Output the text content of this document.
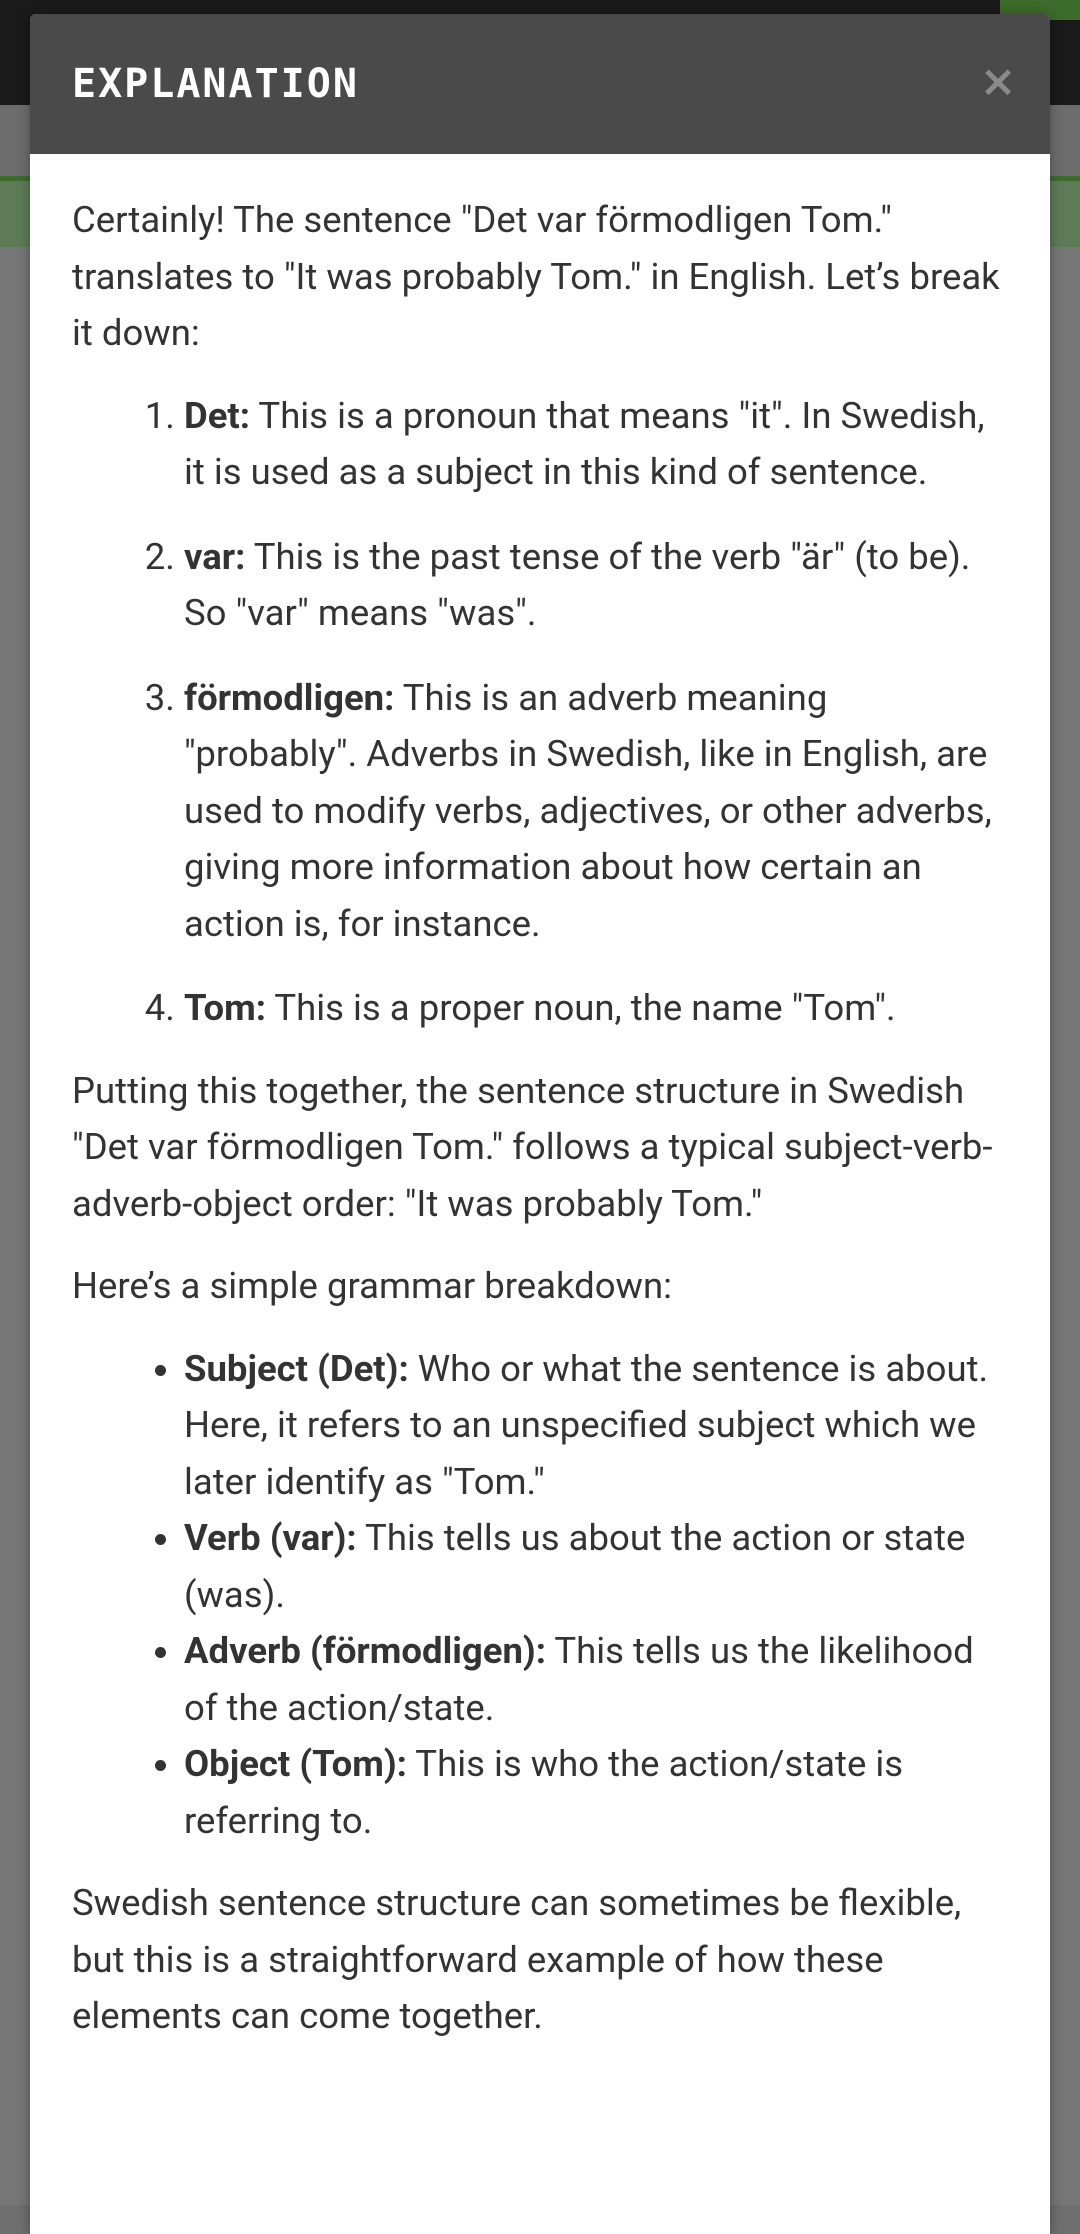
EXPLANATION	×

Certainly! The sentence "Det var förmodligen Tom." translates to "It was probably Tom." in English. Let’s break it down:

1. Det: This is a pronoun that means "it". In Swedish, it is used as a subject in this kind of sentence.
2. var: This is the past tense of the verb "är" (to be). So "var" means "was".
3. förmodligen: This is an adverb meaning "probably". Adverbs in Swedish, like in English, are used to modify verbs, adjectives, or other adverbs, giving more information about how certain an action is, for instance.
4. Tom: This is a proper noun, the name "Tom".

Putting this together, the sentence structure in Swedish "Det var förmodligen Tom." follows a typical subject-verb-adverb-object order: "It was probably Tom."

Here’s a simple grammar breakdown:

• Subject (Det): Who or what the sentence is about. Here, it refers to an unspecified subject which we later identify as "Tom."
• Verb (var): This tells us about the action or state (was).
• Adverb (förmodligen): This tells us the likelihood of the action/state.
• Object (Tom): This is who the action/state is referring to.

Swedish sentence structure can sometimes be flexible, but this is a straightforward example of how these elements can come together.
